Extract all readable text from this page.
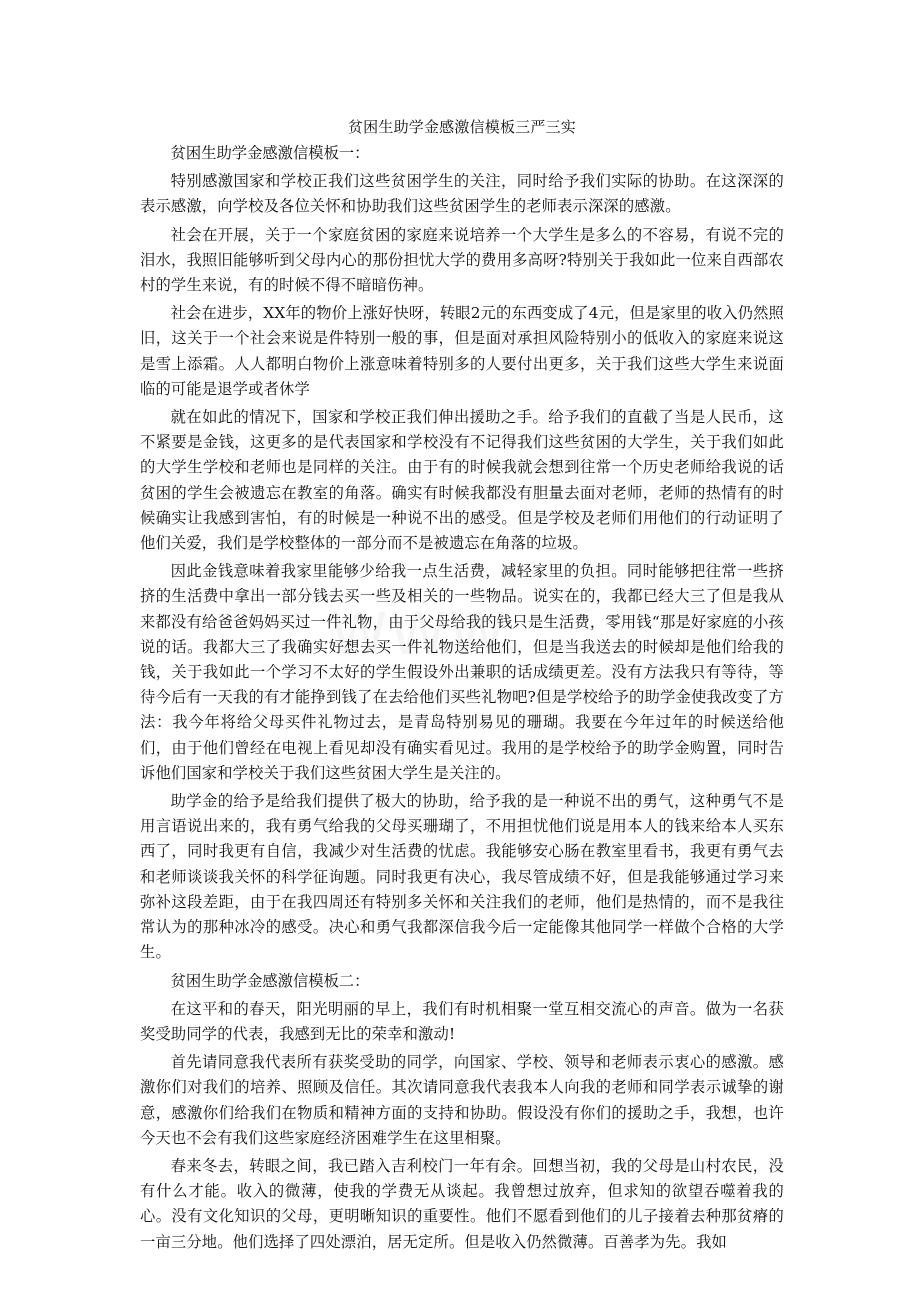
贫困生助学金感激信模板三严三实
贫困生助学金感激信模板一：

特别感激国家和学校正我们这些贫困学生的关注，同时给予我们实际的协助。在这深深的表示感激，向学校及各位关怀和协助我们这些贫困学生的老师表示深深的感激。

社会在开展，关于一个家庭贫困的家庭来说培养一个大学生是多么的不容易，有说不完的泪水，我照旧能够听到父母内心的那份担忧大学的费用多高呀?特别关于我如此一位来自西部农村的学生来说，有的时候不得不暗暗伤神。

社会在进步，XX年的物价上涨好快呀，转眼2元的东西变成了4元，但是家里的收入仍然照旧，这关于一个社会来说是件特别一般的事，但是面对承担风险特别小的低收入的家庭来说这是雪上添霜。人人都明白物价上涨意味着特别多的人要付出更多，关于我们这些大学生来说面临的可能是退学或者休学

就在如此的情况下，国家和学校正我们伸出援助之手。给予我们的直截了当是人民币，这不紧要是金钱，这更多的是代表国家和学校没有不记得我们这些贫困的大学生，关于我们如此的大学生学校和老师也是同样的关注。由于有的时候我就会想到往常一个历史老师给我说的话贫困的学生会被遗忘在教室的角落。确实有时候我都没有胆量去面对老师，老师的热情有的时候确实让我感到害怕，有的时候是一种说不出的感受。但是学校及老师们用他们的行动证明了他们关爱，我们是学校整体的一部分而不是被遗忘在角落的垃圾。

因此金钱意味着我家里能够少给我一点生活费，减轻家里的负担。同时能够把往常一些挤挤的生活费中拿出一部分钱去买一些及相关的一些物品。说实在的，我都已经大三了但是我从来都没有给爸爸妈妈买过一件礼物，由于父母给我的钱只是生活费，零用钱“那是好家庭的小孩说的话。我都大三了我确实好想去买一件礼物送给他们，但是当我送去的时候却是他们给我的钱，关于我如此一个学习不太好的学生假设外出兼职的话成绩更差。没有方法我只有等待，等待今后有一天我的有才能挣到钱了在去给他们买些礼物吧?但是学校给予的助学金使我改变了方法：我今年将给父母买件礼物过去，是青岛特别易见的珊瑚。我要在今年过年的时候送给他们，由于他们曾经在电视上看见却没有确实看见过。我用的是学校给予的助学金购置，同时告诉他们国家和学校关于我们这些贫困大学生是关注的。

助学金的给予是给我们提供了极大的协助，给予我的是一种说不出的勇气，这种勇气不是用言语说出来的，我有勇气给我的父母买珊瑚了，不用担忧他们说是用本人的钱来给本人买东西了，同时我更有自信，我减少对生活费的忧虑。我能够安心肠在教室里看书，我更有勇气去和老师谈谈我关怀的科学征询题。同时我更有决心，我尽管成绩不好，但是我能够通过学习来弥补这段差距，由于在我四周还有特别多关怀和关注我们的老师，他们是热情的，而不是我往常认为的那种冰冷的感受。决心和勇气我都深信我今后一定能像其他同学一样做个合格的大学生。

贫困生助学金感激信模板二：

在这平和的春天，阳光明丽的早上，我们有时机相聚一堂互相交流心的声音。做为一名获奖受助同学的代表，我感到无比的荣幸和激动!

首先请同意我代表所有获奖受助的同学，向国家、学校、领导和老师表示衷心的感激。感激你们对我们的培养、照顾及信任。其次请同意我代表我本人向我的老师和同学表示诚挚的谢意，感激你们给我们在物质和精神方面的支持和协助。假设没有你们的援助之手，我想，也许今天也不会有我们这些家庭经济困难学生在这里相聚。

春来冬去，转眼之间，我已踏入吉利校门一年有余。回想当初，我的父母是山村农民，没有什么才能。收入的微薄，使我的学费无从谈起。我曾想过放弃，但求知的欲望吞噬着我的心。没有文化知识的父母，更明晰知识的重要性。他们不愿看到他们的儿子接着去种那贫瘠的一亩三分地。他们选择了四处漂泊，居无定所。但是收入仍然微薄。百善孝为先。我如
